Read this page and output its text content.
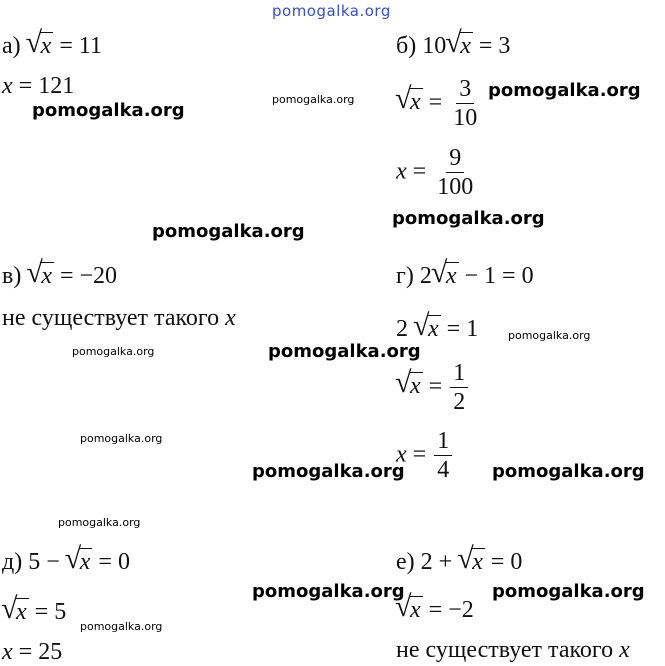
pomogalka.org
pomogalka.org
pomogalka.org	pomogalka.org
pomogalka.org
pomogalka.org
pomogalka.org	pomogalka.org
pomogalka.org
pomogalka.org
pomogalka.org	pomogalka.org
pomogalka.org
pomogalka.org	pomogalka.org
pomogalka.org
а) √
x = 11
x = 121
б) 10 √
x = 3
√
$x = \frac{3}{10}$
$x = \frac{9}{100}$
в) √
x = −20
не существует такого x
г) 2 √
x − 1 = 0
2 √
x = 1
√
$x = \frac{1}{2}$
$x = \frac{1}{4}$
д) 5 − √
x = 0
√
x = 5
x = 25
е) 2 + √
x = 0
√
x = −2
не существует такого x
